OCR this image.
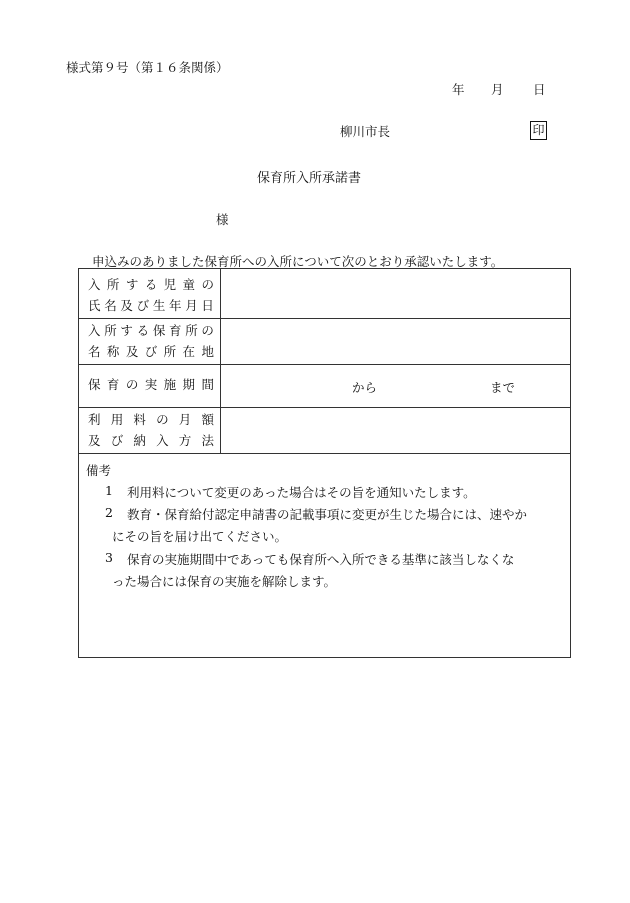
様式第９号（第１６条関係）
年 月 日
柳川市長	印
保育所入所承諾書
様
申込みのありました保育所への入所について次のとおり承認いたします。
入 所 す る 児 童 の
氏 名 及 び 生 年 月 日
入 所 す る 保 育 所 の
名 称 及 び 所 在 地
保 育 の 実 施 期 間	から	まで
利 用 料 の 月 額
及 び 納 入 方 法
備考
1 利用料について変更のあった場合はその旨を通知いたします。
2 教育・保育給付認定申請書の記載事項に変更が生じた場合には、速やか
にその旨を届け出てください。
3 保育の実施期間中であっても保育所へ入所できる基準に該当しなくな
った場合には保育の実施を解除します。
